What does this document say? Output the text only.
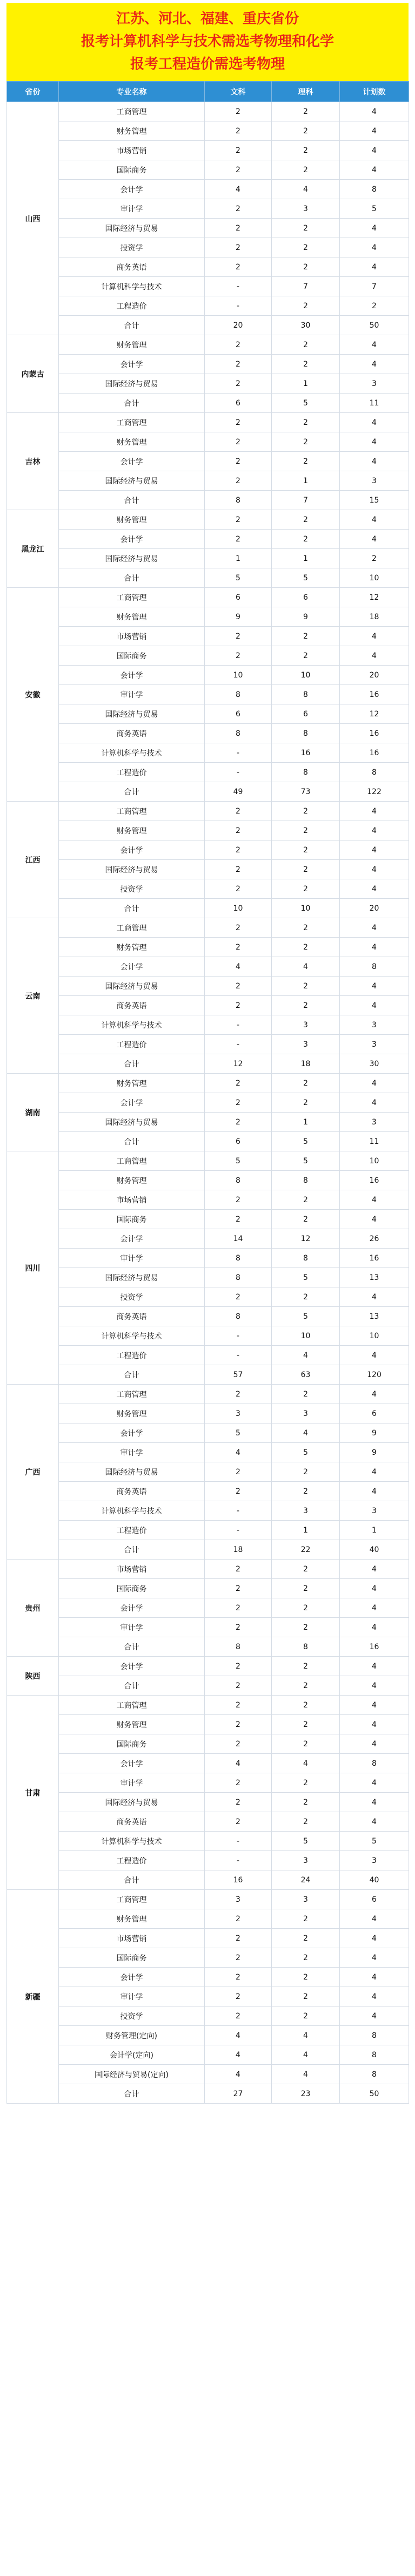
江苏、河北、福建、重庆省份
报考计算机科学与技术需选考物理和化学
报考工程造价需选考物理
省份	专业名称	文科	理科	计划数
山西	工商管理	2	2	4
	财务管理	2	2	4
	市场营销	2	2	4
	国际商务	2	2	4
	会计学	4	4	8
	审计学	2	3	5
	国际经济与贸易	2	2	4
	投资学	2	2	4
	商务英语	2	2	4
	计算机科学与技术	-	7	7
	工程造价	-	2	2
	合计	20	30	50
内蒙古	财务管理	2	2	4
	会计学	2	2	4
	国际经济与贸易	2	1	3
	合计	6	5	11
吉林	工商管理	2	2	4
	财务管理	2	2	4
	会计学	2	2	4
	国际经济与贸易	2	1	3
	合计	8	7	15
黑龙江	财务管理	2	2	4
	会计学	2	2	4
	国际经济与贸易	1	1	2
	合计	5	5	10
安徽	工商管理	6	6	12
	财务管理	9	9	18
	市场营销	2	2	4
	国际商务	2	2	4
	会计学	10	10	20
	审计学	8	8	16
	国际经济与贸易	6	6	12
	商务英语	8	8	16
	计算机科学与技术	-	16	16
	工程造价	-	8	8
	合计	49	73	122
江西	工商管理	2	2	4
	财务管理	2	2	4
	会计学	2	2	4
	国际经济与贸易	2	2	4
	投资学	2	2	4
	合计	10	10	20
云南	工商管理	2	2	4
	财务管理	2	2	4
	会计学	4	4	8
	国际经济与贸易	2	2	4
	商务英语	2	2	4
	计算机科学与技术	-	3	3
	工程造价	-	3	3
	合计	12	18	30
湖南	财务管理	2	2	4
	会计学	2	2	4
	国际经济与贸易	2	1	3
	合计	6	5	11
四川	工商管理	5	5	10
	财务管理	8	8	16
	市场营销	2	2	4
	国际商务	2	2	4
	会计学	14	12	26
	审计学	8	8	16
	国际经济与贸易	8	5	13
	投资学	2	2	4
	商务英语	8	5	13
	计算机科学与技术	-	10	10
	工程造价	-	4	4
	合计	57	63	120
广西	工商管理	2	2	4
	财务管理	3	3	6
	会计学	5	4	9
	审计学	4	5	9
	国际经济与贸易	2	2	4
	商务英语	2	2	4
	计算机科学与技术	-	3	3
	工程造价	-	1	1
	合计	18	22	40
贵州	市场营销	2	2	4
	国际商务	2	2	4
	会计学	2	2	4
	审计学	2	2	4
	合计	8	8	16
陕西	会计学	2	2	4
	合计	2	2	4
甘肃	工商管理	2	2	4
	财务管理	2	2	4
	国际商务	2	2	4
	会计学	4	4	8
	审计学	2	2	4
	国际经济与贸易	2	2	4
	商务英语	2	2	4
	计算机科学与技术	-	5	5
	工程造价	-	3	3
	合计	16	24	40
新疆	工商管理	3	3	6
	财务管理	2	2	4
	市场营销	2	2	4
	国际商务	2	2	4
	会计学	2	2	4
	审计学	2	2	4
	投资学	2	2	4
	财务管理(定向)	4	4	8
	会计学(定向)	4	4	8
	国际经济与贸易(定向)	4	4	8
	合计	27	23	50
